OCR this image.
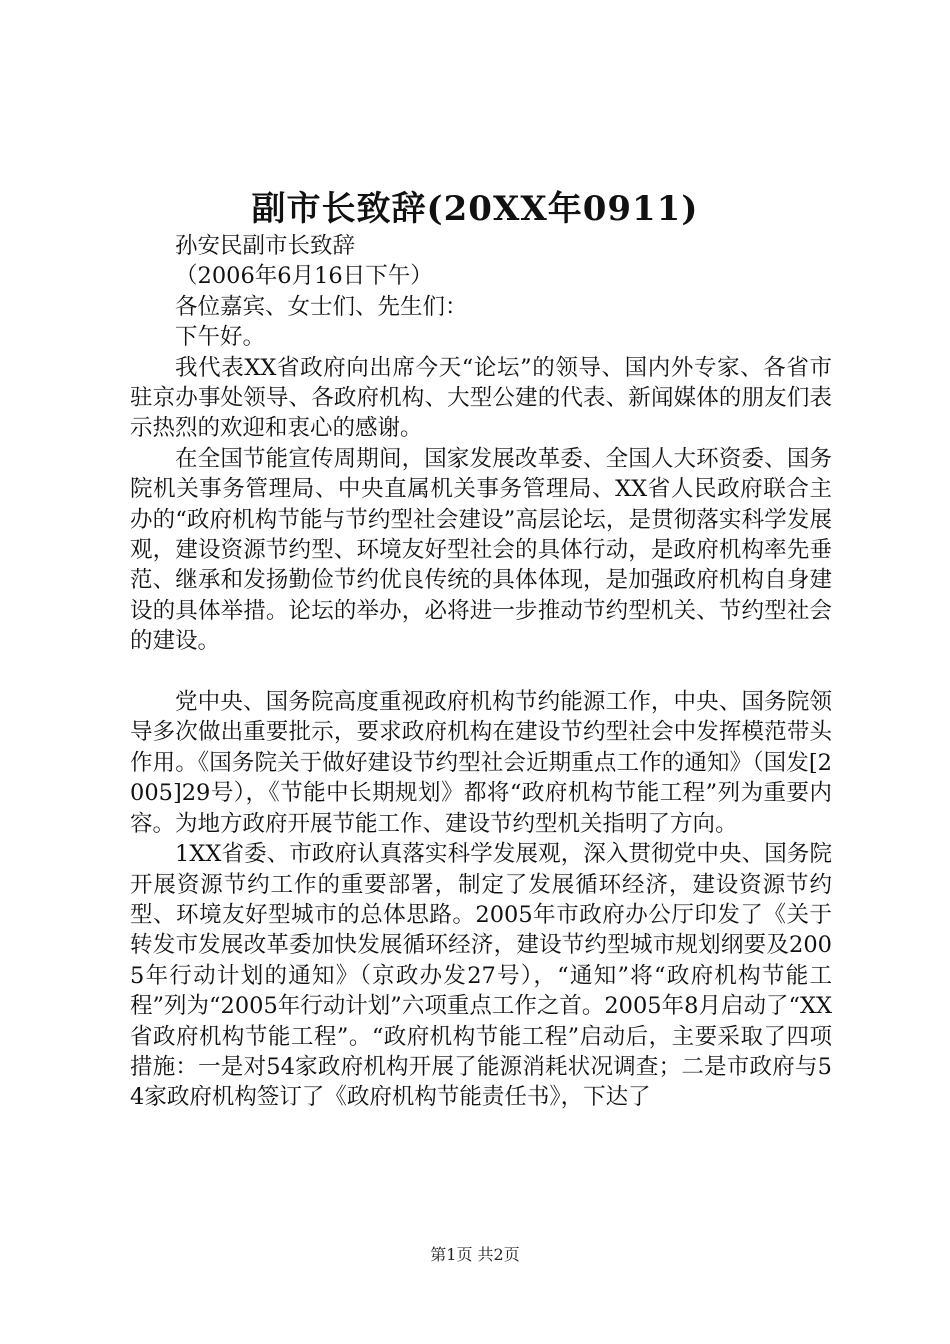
副市长致辞(20XX年0911)

孙安民副市长致辞

（2006年6月16日下午）

各位嘉宾、女士们、先生们：

下午好。

我代表XX省政府向出席今天“论坛”的领导、国内外专家、各省市驻京办事处领导、各政府机构、大型公建的代表、新闻媒体的朋友们表示热烈的欢迎和衷心的感谢。

在全国节能宣传周期间，国家发展改革委、全国人大环资委、国务院机关事务管理局、中央直属机关事务管理局、XX省人民政府联合主办的“政府机构节能与节约型社会建设”高层论坛，是贯彻落实科学发展观，建设资源节约型、环境友好型社会的具体行动，是政府机构率先垂范、继承和发扬勤俭节约优良传统的具体体现，是加强政府机构自身建设的具体举措。论坛的举办，必将进一步推动节约型机关、节约型社会的建设。

党中央、国务院高度重视政府机构节约能源工作，中央、国务院领导多次做出重要批示，要求政府机构在建设节约型社会中发挥模范带头作用。《国务院关于做好建设节约型社会近期重点工作的通知》（国发[2005]29号），《节能中长期规划》都将“政府机构节能工程”列为重要内容。为地方政府开展节能工作、建设节约型机关指明了方向。

1XX省委、市政府认真落实科学发展观，深入贯彻党中央、国务院开展资源节约工作的重要部署，制定了发展循环经济，建设资源节约型、环境友好型城市的总体思路。2005年市政府办公厅印发了《关于转发市发展改革委加快发展循环经济，建设节约型城市规划纲要及2005年行动计划的通知》（京政办发27号），“通知”将“政府机构节能工程”列为“2005年行动计划”六项重点工作之首。2005年8月启动了“XX省政府机构节能工程”。“政府机构节能工程”启动后，主要采取了四项措施：一是对54家政府机构开展了能源消耗状况调查；二是市政府与54家政府机构签订了《政府机构节能责任书》，下达了

第1页 共2页
